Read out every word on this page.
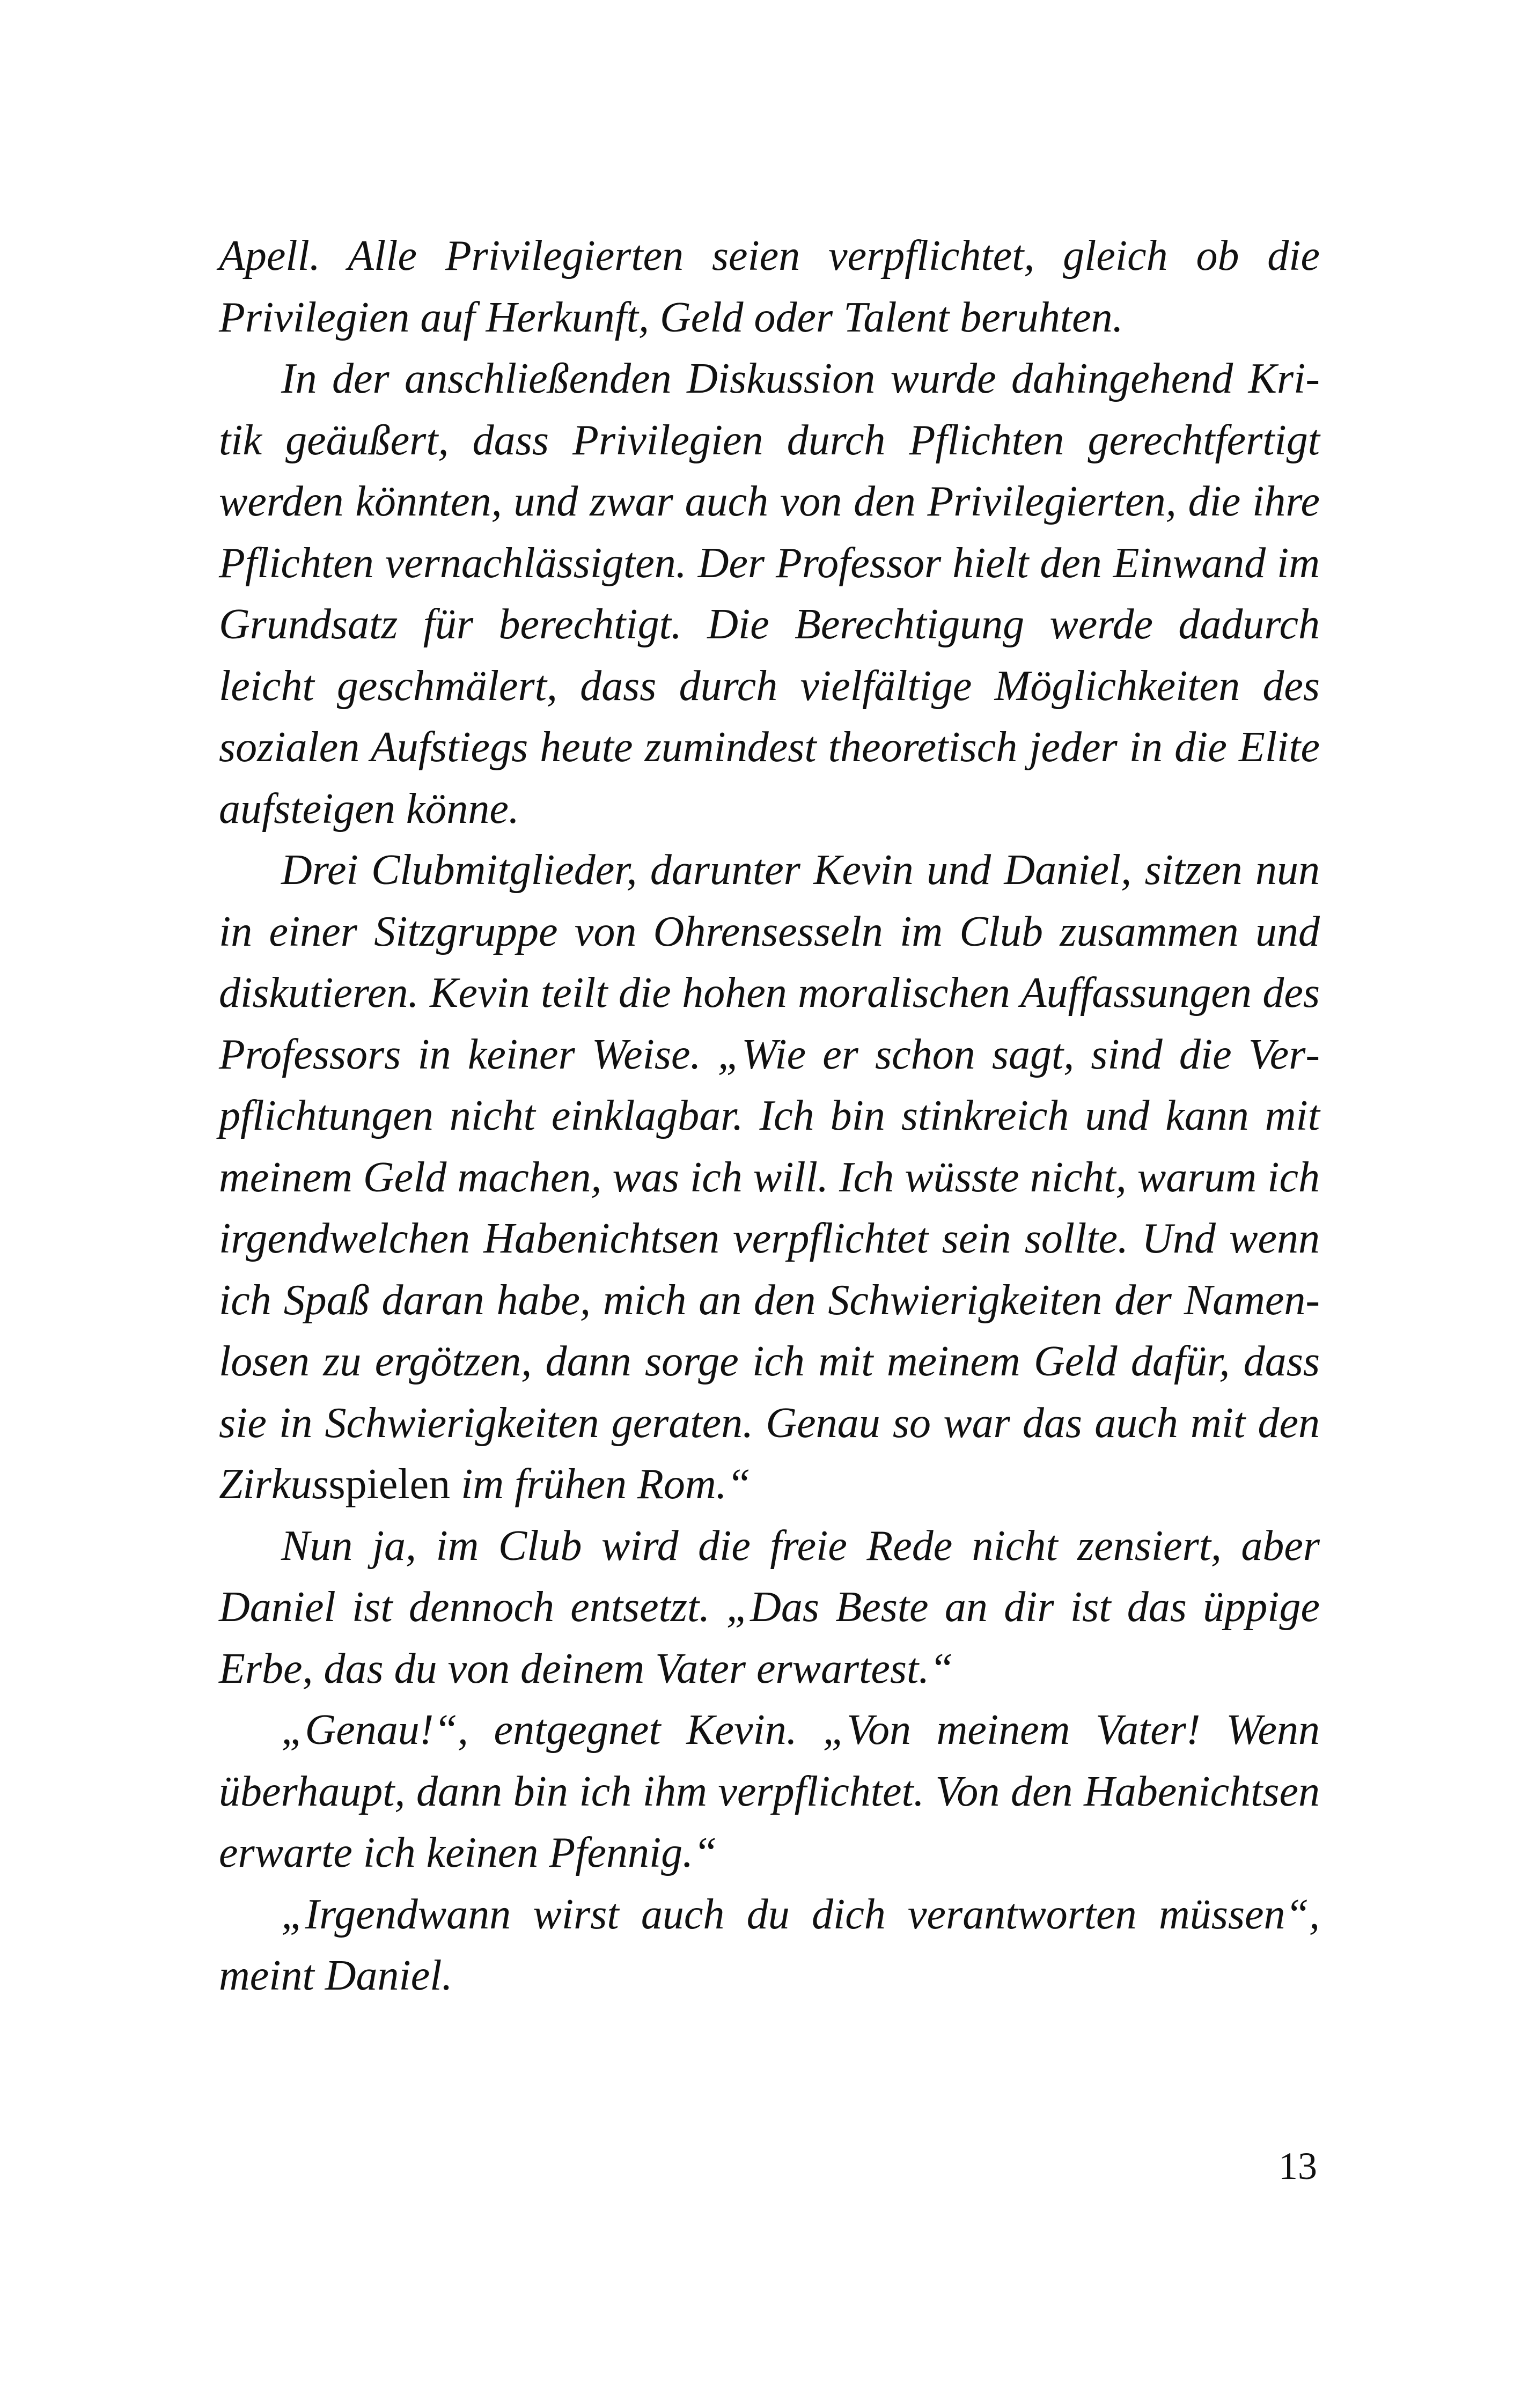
Apell. Alle Privilegierten seien verpflichtet, gleich ob die Privilegien auf Herkunft, Geld oder Talent beruhten.

In der anschließenden Diskussion wurde dahingehend Kritik geäußert, dass Privilegien durch Pflichten gerechtfertigt werden könnten, und zwar auch von den Privilegierten, die ihre Pflichten vernachlässigten. Der Professor hielt den Einwand im Grundsatz für berechtigt. Die Berechtigung werde dadurch leicht geschmälert, dass durch vielfältige Möglichkeiten des sozialen Aufstiegs heute zumindest theoretisch jeder in die Elite aufsteigen könne.

Drei Clubmitglieder, darunter Kevin und Daniel, sitzen nun in einer Sitzgruppe von Ohrensesseln im Club zusammen und diskutieren. Kevin teilt die hohen moralischen Auffassungen des Professors in keiner Weise. „Wie er schon sagt, sind die Verpflichtungen nicht einklagbar. Ich bin stinkreich und kann mit meinem Geld machen, was ich will. Ich wüsste nicht, warum ich irgendwelchen Habenichtsen verpflichtet sein sollte. Und wenn ich Spaß daran habe, mich an den Schwierigkeiten der Namenlosen zu ergötzen, dann sorge ich mit meinem Geld dafür, dass sie in Schwierigkeiten geraten. Genau so war das auch mit den Zirkusspielen im frühen Rom.“

Nun ja, im Club wird die freie Rede nicht zensiert, aber Daniel ist dennoch entsetzt. „Das Beste an dir ist das üppige Erbe, das du von deinem Vater erwartest.“

„Genau!“, entgegnet Kevin. „Von meinem Vater! Wenn überhaupt, dann bin ich ihm verpflichtet. Von den Habenichtsen erwarte ich keinen Pfennig.“

„Irgendwann wirst auch du dich verantworten müssen“, meint Daniel.

13
